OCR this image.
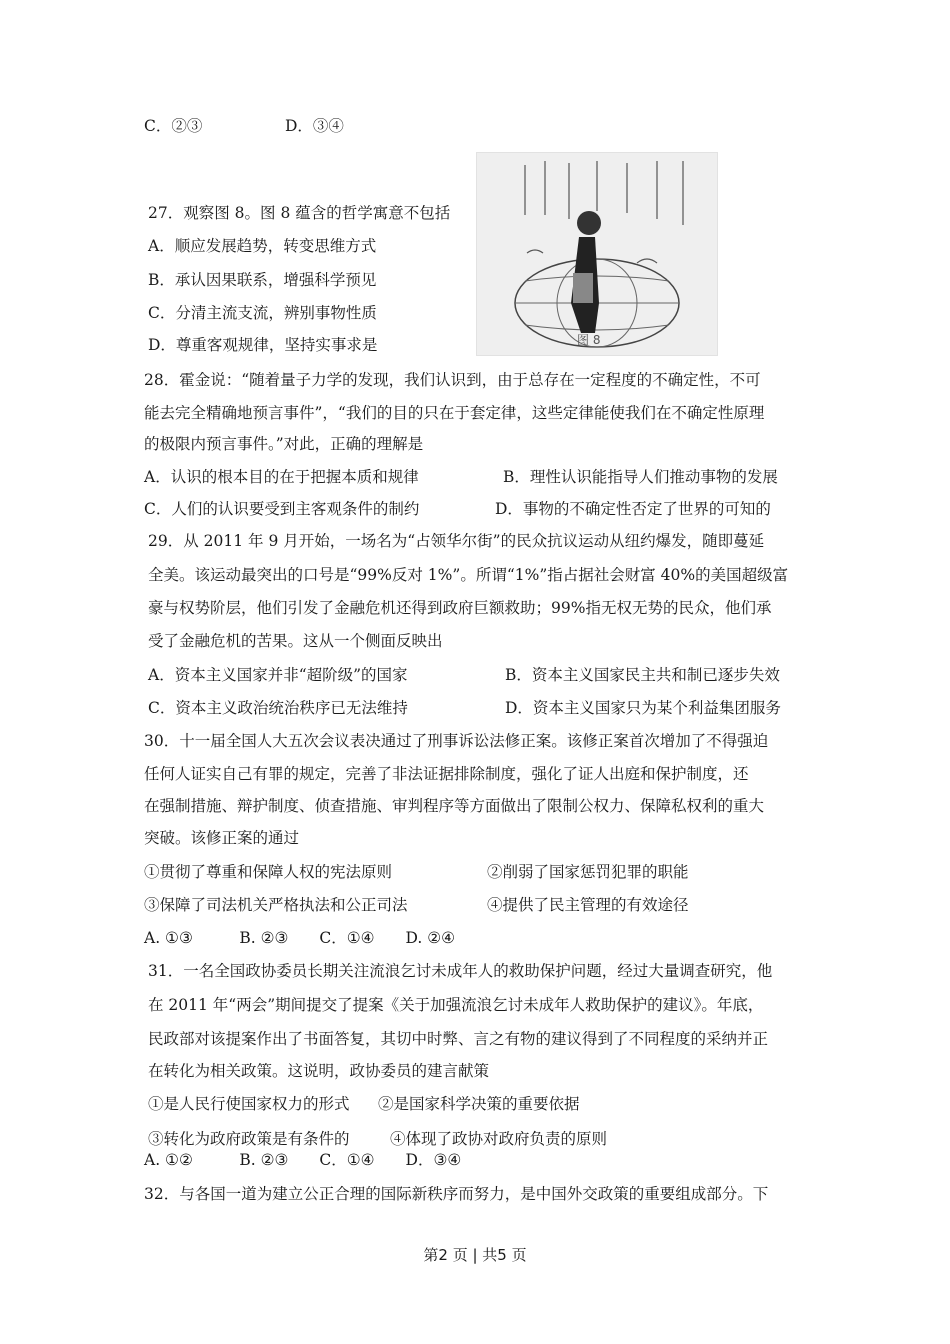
C．②③	D．③④
图 8
27．观察图 8。图 8 蕴含的哲学寓意不包括
A．顺应发展趋势，转变思维方式
B．承认因果联系，增强科学预见
C．分清主流支流，辨别事物性质
D．尊重客观规律，坚持实事求是
28．霍金说：“随着量子力学的发现，我们认识到，由于总存在一定程度的不确定性，不可
能去完全精确地预言事件”，“我们的目的只在于套定律，这些定律能使我们在不确定性原理
的极限内预言事件。”对此，正确的理解是
A．认识的根本目的在于把握本质和规律	B．理性认识能指导人们推动事物的发展
C．人们的认识要受到主客观条件的制约	D．事物的不确定性否定了世界的可知的
29．从 2011 年 9 月开始，一场名为“占领华尔街”的民众抗议运动从纽约爆发，随即蔓延
全美。该运动最突出的口号是“99%反对 1%”。所谓“1%”指占据社会财富 40%的美国超级富
豪与权势阶层，他们引发了金融危机还得到政府巨额救助；99%指无权无势的民众，他们承
受了金融危机的苦果。这从一个侧面反映出
A．资本主义国家并非“超阶级”的国家	B．资本主义国家民主共和制已逐步失效
C．资本主义政治统治秩序已无法维持	D．资本主义国家只为某个利益集团服务
30．十一届全国人大五次会议表决通过了刑事诉讼法修正案。该修正案首次增加了不得强迫
任何人证实自己有罪的规定，完善了非法证据排除制度，强化了证人出庭和保护制度，还
在强制措施、辩护制度、侦查措施、审判程序等方面做出了限制公权力、保障私权利的重大
突破。该修正案的通过
①贯彻了尊重和保障人权的宪法原则	②削弱了国家惩罚犯罪的职能
③保障了司法机关严格执法和公正司法	④提供了民主管理的有效途径
A. ①③　　　B. ②③　　C．①④　　D. ②④
31．一名全国政协委员长期关注流浪乞讨未成年人的救助保护问题，经过大量调查研究，他
在 2011 年“两会”期间提交了提案《关于加强流浪乞讨未成年人救助保护的建议》。年底，
民政部对该提案作出了书面答复，其切中时弊、言之有物的建议得到了不同程度的采纳并正
在转化为相关政策。这说明，政协委员的建言献策
①是人民行使国家权力的形式 ②是国家科学决策的重要依据
③转化为政府政策是有条件的	④体现了政协对政府负责的原则
A. ①②　　　B. ②③　　C．①④　　D．③④
32．与各国一道为建立公正合理的国际新秩序而努力，是中国外交政策的重要组成部分。下
第2 页 | 共5 页
